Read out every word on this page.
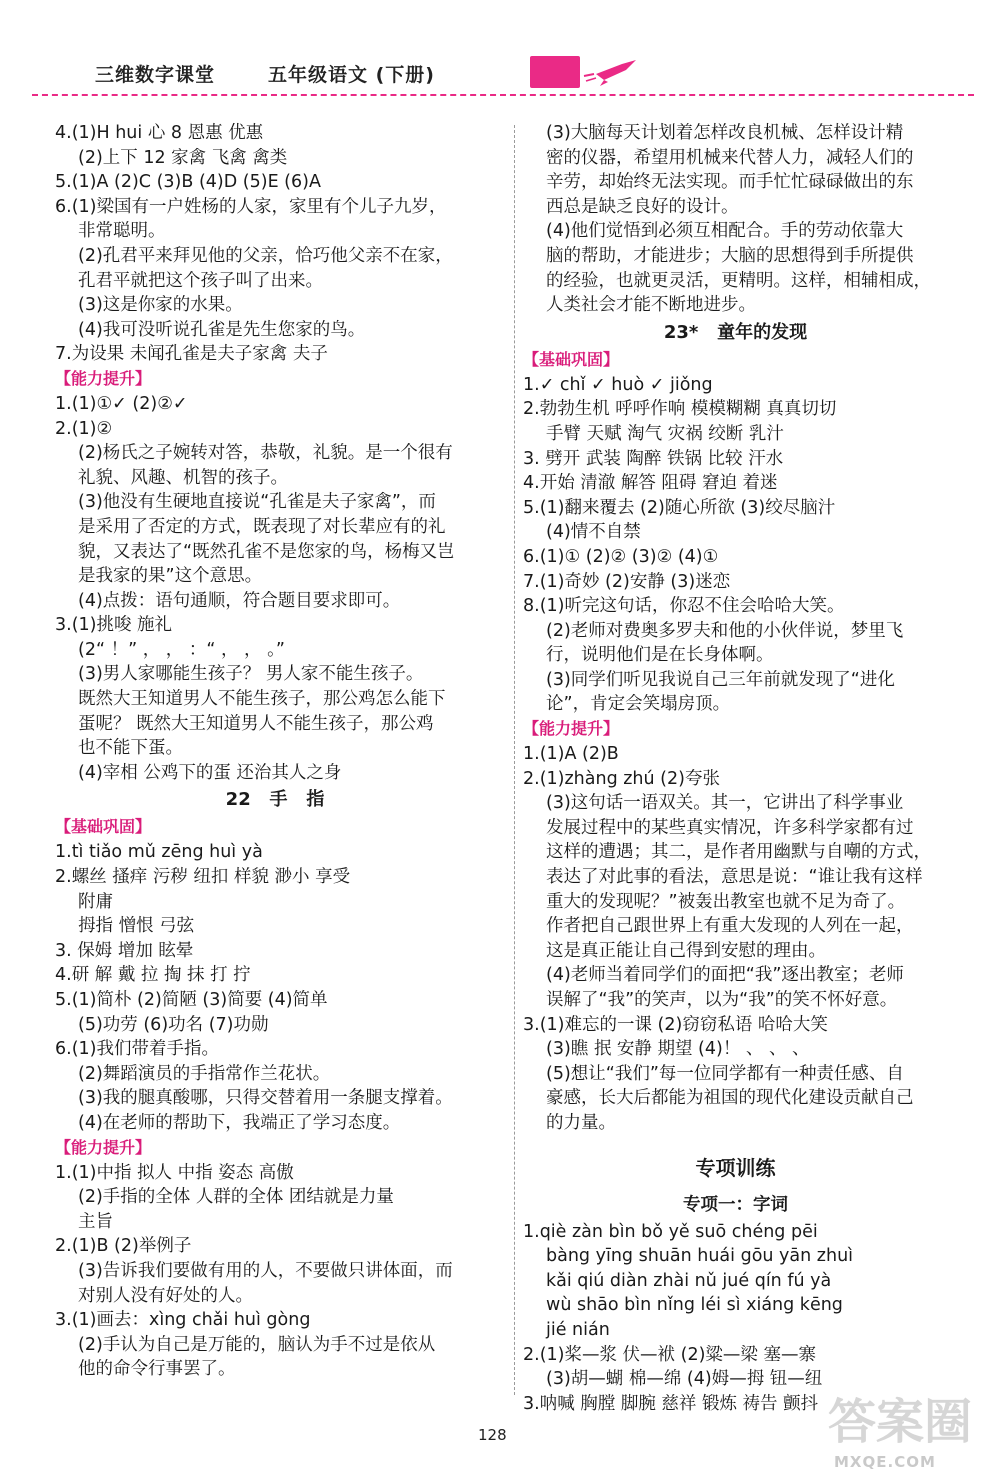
三维数字课堂	五年级语文 (下册)
4.(1)H hui 心 8 恩惠 优惠
(2)上下 12 家禽 飞禽 禽类
5.(1)A (2)C (3)B (4)D (5)E (6)A
6.(1)梁国有一户姓杨的人家，家里有个儿子九岁，
非常聪明。
(2)孔君平来拜见他的父亲，恰巧他父亲不在家，
孔君平就把这个孩子叫了出来。
(3)这是你家的水果。
(4)我可没听说孔雀是先生您家的鸟。
7.为设果 未闻孔雀是夫子家禽 夫子
【能力提升】
1.(1)①✓ (2)②✓
2.(1)②
(2)杨氏之子婉转对答，恭敬，礼貌。是一个很有
礼貌、风趣、机智的孩子。
(3)他没有生硬地直接说“孔雀是夫子家禽”，而
是采用了否定的方式，既表现了对长辈应有的礼
貌，又表达了“既然孔雀不是您家的鸟，杨梅又岂
是我家的果”这个意思。
(4)点拨：语句通顺，符合题目要求即可。
3.(1)挑唆 施礼
(2“ ！” ， ， ：“ ， ， 。”
(3)男人家哪能生孩子？ 男人家不能生孩子。
既然大王知道男人不能生孩子，那公鸡怎么能下
蛋呢？ 既然大王知道男人不能生孩子，那公鸡
也不能下蛋。
(4)宰相 公鸡下的蛋 还治其人之身
22   手   指
【基础巩固】
1.tì tiǎo mǔ zēng huì yà
2.螺丝 搔痒 污秽 纽扣 样貌 渺小 享受
附庸
拇指 憎恨 弓弦
3. 保姆 增加 眩晕
4.研 解 戴 拉 掏 抹 打 拧
5.(1)简朴 (2)简陋 (3)简要 (4)简单
(5)功劳 (6)功名 (7)功勋
6.(1)我们带着手指。
(2)舞蹈演员的手指常作兰花状。
(3)我的腿真酸哪，只得交替着用一条腿支撑着。
(4)在老师的帮助下，我端正了学习态度。
【能力提升】
1.(1)中指 拟人 中指 姿态 高傲
(2)手指的全体 人群的全体 团结就是力量
主旨
2.(1)B (2)举例子
(3)告诉我们要做有用的人，不要做只讲体面，而
对别人没有好处的人。
3.(1)画去：xìng chǎi huì gòng
(2)手认为自己是万能的，脑认为手不过是依从
他的命令行事罢了。
(3)大脑每天计划着怎样改良机械、怎样设计精
密的仪器，希望用机械来代替人力，减轻人们的
辛劳，却始终无法实现。而手忙忙碌碌做出的东
西总是缺乏良好的设计。
(4)他们觉悟到必须互相配合。手的劳动依靠大
脑的帮助，才能进步；大脑的思想得到手所提供
的经验，也就更灵活，更精明。这样，相辅相成，
人类社会才能不断地进步。
23*   童年的发现
【基础巩固】
1.✓ chǐ ✓ huò ✓ jiǒng
2.勃勃生机 呼呼作响 模模糊糊 真真切切
手臂 天赋 淘气 灾祸 绞断 乳汁
3. 劈开 武装 陶醉 铁锅 比较 汗水
4.开始 清澈 解答 阻碍 窘迫 着迷
5.(1)翻来覆去 (2)随心所欲 (3)绞尽脑汁
(4)情不自禁
6.(1)① (2)② (3)② (4)①
7.(1)奇妙 (2)安静 (3)迷恋
8.(1)听完这句话，你忍不住会哈哈大笑。
(2)老师对费奥多罗夫和他的小伙伴说，梦里飞
行，说明他们是在长身体啊。
(3)同学们听见我说自己三年前就发现了“进化
论”，肯定会笑塌房顶。
【能力提升】
1.(1)A (2)B
2.(1)zhàng zhú (2)夸张
(3)这句话一语双关。其一，它讲出了科学事业
发展过程中的某些真实情况，许多科学家都有过
这样的遭遇；其二，是作者用幽默与自嘲的方式，
表达了对此事的看法，意思是说：“谁让我有这样
重大的发现呢？”被轰出教室也就不足为奇了。
作者把自己跟世界上有重大发现的人列在一起，
这是真正能让自己得到安慰的理由。
(4)老师当着同学们的面把“我”逐出教室；老师
误解了“我”的笑声，以为“我”的笑不怀好意。
3.(1)难忘的一课 (2)窃窃私语 哈哈大笑
(3)瞧 抿 安静 期望 (4)！ 、 、 、
(5)想让“我们”每一位同学都有一种责任感、自
豪感，长大后都能为祖国的现代化建设贡献自己
的力量。
专项训练
专项一：字词
1.qiè zàn bìn bǒ yě suō chéng pēi
bàng yīng shuān huái gōu yān zhuì
kǎi qiú diàn zhài nǔ jué qín fú yà
wù shāo bìn nǐng léi sì xiáng kēng
jié nián
2.(1)桨—浆 伏—袱 (2)粱—梁 塞—寨
(3)胡—蝴 棉—绵 (4)姆—拇 钮—纽
3.呐喊 胸膛 脚腕 慈祥 锻炼 祷告 颤抖
128	答案圈
MXQE.COM
